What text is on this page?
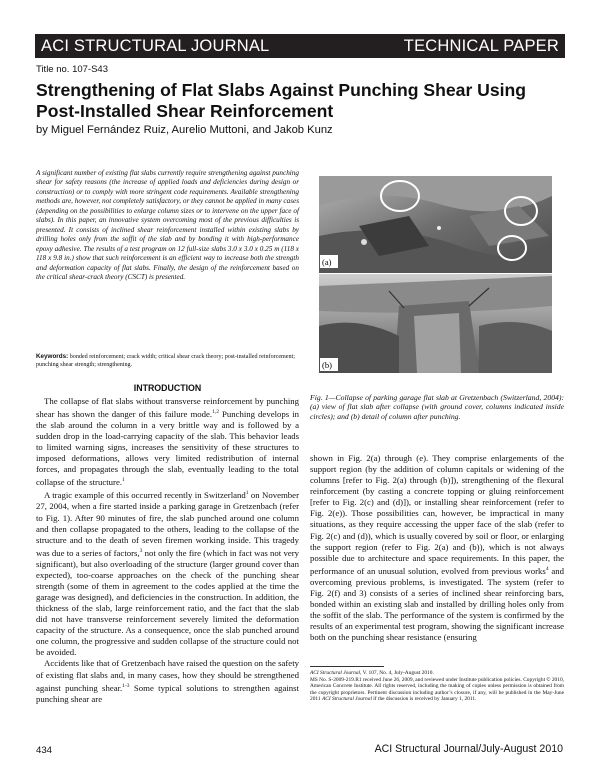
ACI STRUCTURAL JOURNAL	TECHNICAL PAPER
Title no. 107-S43
Strengthening of Flat Slabs Against Punching Shear Using Post-Installed Shear Reinforcement
by Miguel Fernández Ruiz, Aurelio Muttoni, and Jakob Kunz

A significant number of existing flat slabs currently require strengthening against punching shear for safety reasons (the increase of applied loads and deficiencies during design or construction) or to comply with more stringent code requirements. Available strengthening methods are, however, not completely satisfactory, or they cannot be applied in many cases (depending on the possibilities to enlarge column sizes or to intervene on the upper face of slabs). In this paper, an innovative system overcoming most of the previous difficulties is presented. It consists of inclined shear reinforcement installed within existing slabs by drilling holes only from the soffit of the slab and by bonding it with high-performance epoxy adhesive. The results of a test program on 12 full-size slabs 3.0 x 3.0 x 0.25 m (118 x 118 x 9.8 in.) show that such reinforcement is an efficient way to increase both the strength and deformation capacity of flat slabs. Finally, the design of the reinforcement based on the critical shear-crack theory (CSCT) is presented.

Keywords: bonded reinforcement; crack width; critical shear crack theory; post-installed reinforcement; punching shear strength; strengthening.

INTRODUCTION

The collapse of flat slabs without transverse reinforcement by punching shear has shown the danger of this failure mode.$^{1,2}$ Punching develops in the slab around the column in a very brittle way and is followed by a sudden drop in the load-carrying capacity of the slab. This behavior leads to limited warning signs, increases the sensitivity of these structures to imposed deformations, allows very limited redistribution of internal forces, and propagates through the slab, eventually leading to the total collapse of the structure.$^1$

A tragic example of this occurred recently in Switzerland$^1$ on November 27, 2004, when a fire started inside a parking garage in Gretzenbach (refer to Fig. 1). After 90 minutes of fire, the slab punched around one column and then collapse propagated to the others, leading to the collapse of the structure and to the death of seven firemen working inside. This tragedy was due to a series of factors,$^3$ not only the fire (which in fact was not very significant), but also overloading of the structure (larger ground cover than expected), too-coarse approaches on the check of the punching shear strength (some of them in agreement to the codes applied at the time the garage was designed), and deficiencies in the construction. In addition, the thickness of the slab, large reinforcement ratio, and the fact that the slab did not have transverse reinforcement severely limited the deformation capacity of the structure. As a consequence, once the slab punched around one column, the progressive and sudden collapse of the structure could not be avoided.

Accidents like that of Gretzenbach have raised the question on the safety of existing flat slabs and, in many cases, how they should be strengthened against punching shear.$^{1-3}$ Some typical solutions to strengthen against punching shear are

(a)
(b)

Fig. 1—Collapse of parking garage flat slab at Gretzenbach (Switzerland, 2004): (a) view of flat slab after collapse (with ground cover, columns indicated inside circles); and (b) detail of column after punching.

shown in Fig. 2(a) through (e). They comprise enlargements of the support region (by the addition of column capitals or widening of the columns [refer to Fig. 2(a) through (b)]), strengthening of the flexural reinforcement (by casting a concrete topping or gluing reinforcement [refer to Fig. 2(c) and (d)]), or installing shear reinforcement (refer to Fig. 2(e)). Those possibilities can, however, be impractical in many situations, as they require accessing the upper face of the slab (refer to Fig. 2(c) and (d)), which is usually covered by soil or floor, or enlarging the support region (refer to Fig. 2(a) and (b)), which is not always possible due to architecture and space requirements. In this paper, the performance of an unusual solution, evolved from previous works$^4$ and overcoming previous problems, is investigated. The system (refer to Fig. 2(f) and 3) consists of a series of inclined shear reinforcing bars, bonded within an existing slab and installed by drilling holes only from the soffit of the slab. The performance of the system is confirmed by the results of an experimental test program, showing the significant increase both on the punching shear resistance (ensuring

ACI Structural Journal, V. 107, No. 4, July-August 2010.
MS No. S-2009-219.R1 received June 26, 2009, and reviewed under Institute publication policies. Copyright © 2010, American Concrete Institute. All rights reserved, including the making of copies unless permission is obtained from the copyright proprietors. Pertinent discussion including author’s closure, if any, will be published in the May-June 2011 ACI Structural Journal if the discussion is received by January 1, 2011.

434	ACI Structural Journal/July-August 2010
